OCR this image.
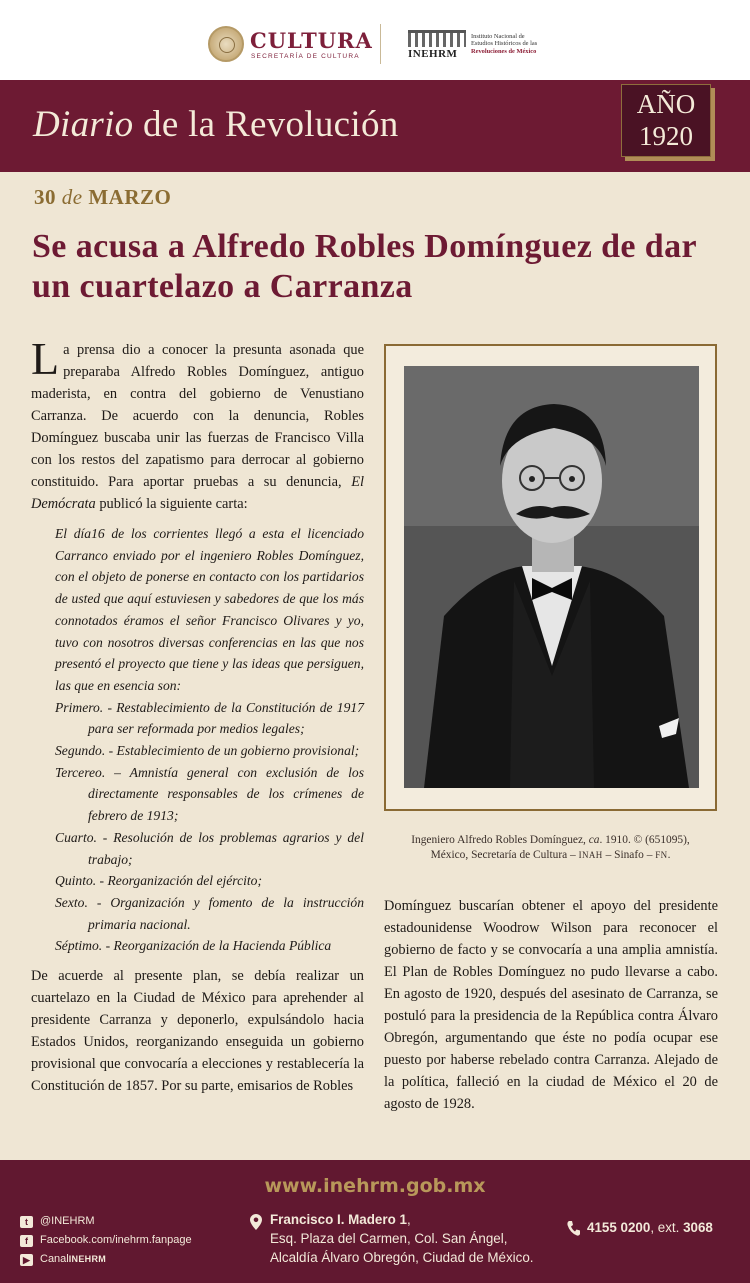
CULTURA
SECRETARÍA DE CULTURA	INEHRM
Instituto Nacional de
Estudios Históricos de las
Revoluciones de México
Diario de la Revolución	AÑO
1920
30 de MARZO
Se acusa a Alfredo Robles Domínguez de dar un cuartelazo a Carranza

La prensa dio a conocer la presunta asonada que preparaba Alfredo Robles Domínguez, antiguo maderista, en contra del gobierno de Venustiano Carranza. De acuerdo con la denuncia, Robles Domínguez buscaba unir las fuerzas de Francisco Villa con los restos del zapatismo para derrocar al gobierno constituido. Para aportar pruebas a su denuncia, El Demócrata publicó la siguiente carta:

El día16 de los corrientes llegó a esta el licenciado Carranco enviado por el ingeniero Robles Domínguez, con el objeto de ponerse en contacto con los partidarios de usted que aquí estuviesen y sabedores de que los más connotados éramos el señor Francisco Olivares y yo, tuvo con nosotros diversas conferencias en las que nos presentó el proyecto que tiene y las ideas que persiguen, las que en esencia son:

Primero. - Restablecimiento de la Constitución de 1917 para ser reformada por medios legales;

Segundo. - Establecimiento de un gobierno provisional;

Tercereo. – Amnistía general con exclusión de los directamente responsables de los crímenes de febrero de 1913;

Cuarto. - Resolución de los problemas agrarios y del trabajo;

Quinto. - Reorganización del ejército;

Sexto. - Organización y fomento de la instrucción primaria nacional.

Séptimo. - Reorganización de la Hacienda Pública

De acuerde al presente plan, se debía realizar un cuartelazo en la Ciudad de México para aprehender al presidente Carranza y deponerlo, expulsándolo hacia Estados Unidos, reorganizando enseguida un gobierno provisional que convocaría a elecciones y restablecería la Constitución de 1857. Por su parte, emisarios de Robles

Ingeniero Alfredo Robles Domínguez, ca. 1910. © (651095),
México, Secretaría de Cultura – INAH – Sinafo – FN.

Domínguez buscarían obtener el apoyo del presidente estadounidense Woodrow Wilson para reconocer el gobierno de facto y se convocaría a una amplia amnistía. El Plan de Robles Domínguez no pudo llevarse a cabo. En agosto de 1920, después del asesinato de Carranza, se postuló para la presidencia de la República contra Álvaro Obregón, argumentando que éste no podía ocupar ese puesto por haberse rebelado contra Carranza. Alejado de la política, falleció en la ciudad de México el 20 de agosto de 1928.

www.inehrm.gob.mx
t	@INEHRM
f	Facebook.com/inehrm.fanpage
▶ Canal INEHRM
Francisco I. Madero 1,
Esq. Plaza del Carmen, Col. San Ángel,
Alcaldía Álvaro Obregón, Ciudad de México.
4155 0200, ext. 3068
